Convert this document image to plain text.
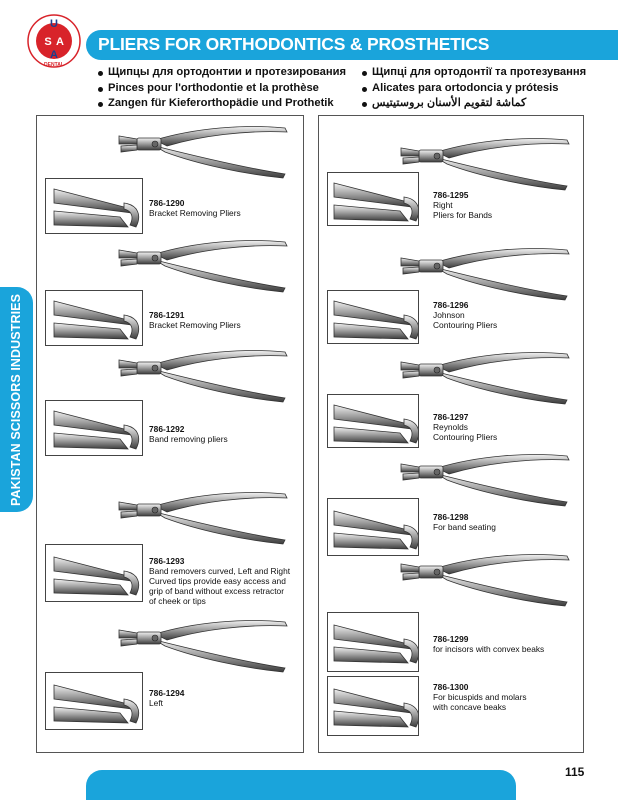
U
S A
A
DENTAL
PLIERS FOR ORTHODONTICS & PROSTHETICS
Щипцы для ортодонтии и протезирования
Pinces pour l'orthodontie et la prothèse
Zangen für Kieferorthopädie und Prothetik
Щипці для ортодонтії та протезування
Alicates para ortodoncia y prótesis
كماشة لتقويم الأسنان بروستيتيس
PAKISTAN SCISSORS INDUSTRIES
786-1290
Bracket Removing Pliers
786-1291
Bracket Removing Pliers
786-1292
Band removing pliers
786-1293
Band removers curved, Left and Right
Curved tips provide easy access and
grip of band without excess retractor
of cheek or tips
786-1294
Left
786-1295
Right
Pliers for Bands
786-1296
Johnson
Contouring Pliers
786-1297
Reynolds
Contouring Pliers
786-1298
For band seating
786-1299
for incisors with convex beaks
786-1300
For bicuspids and molars
with concave beaks
115
